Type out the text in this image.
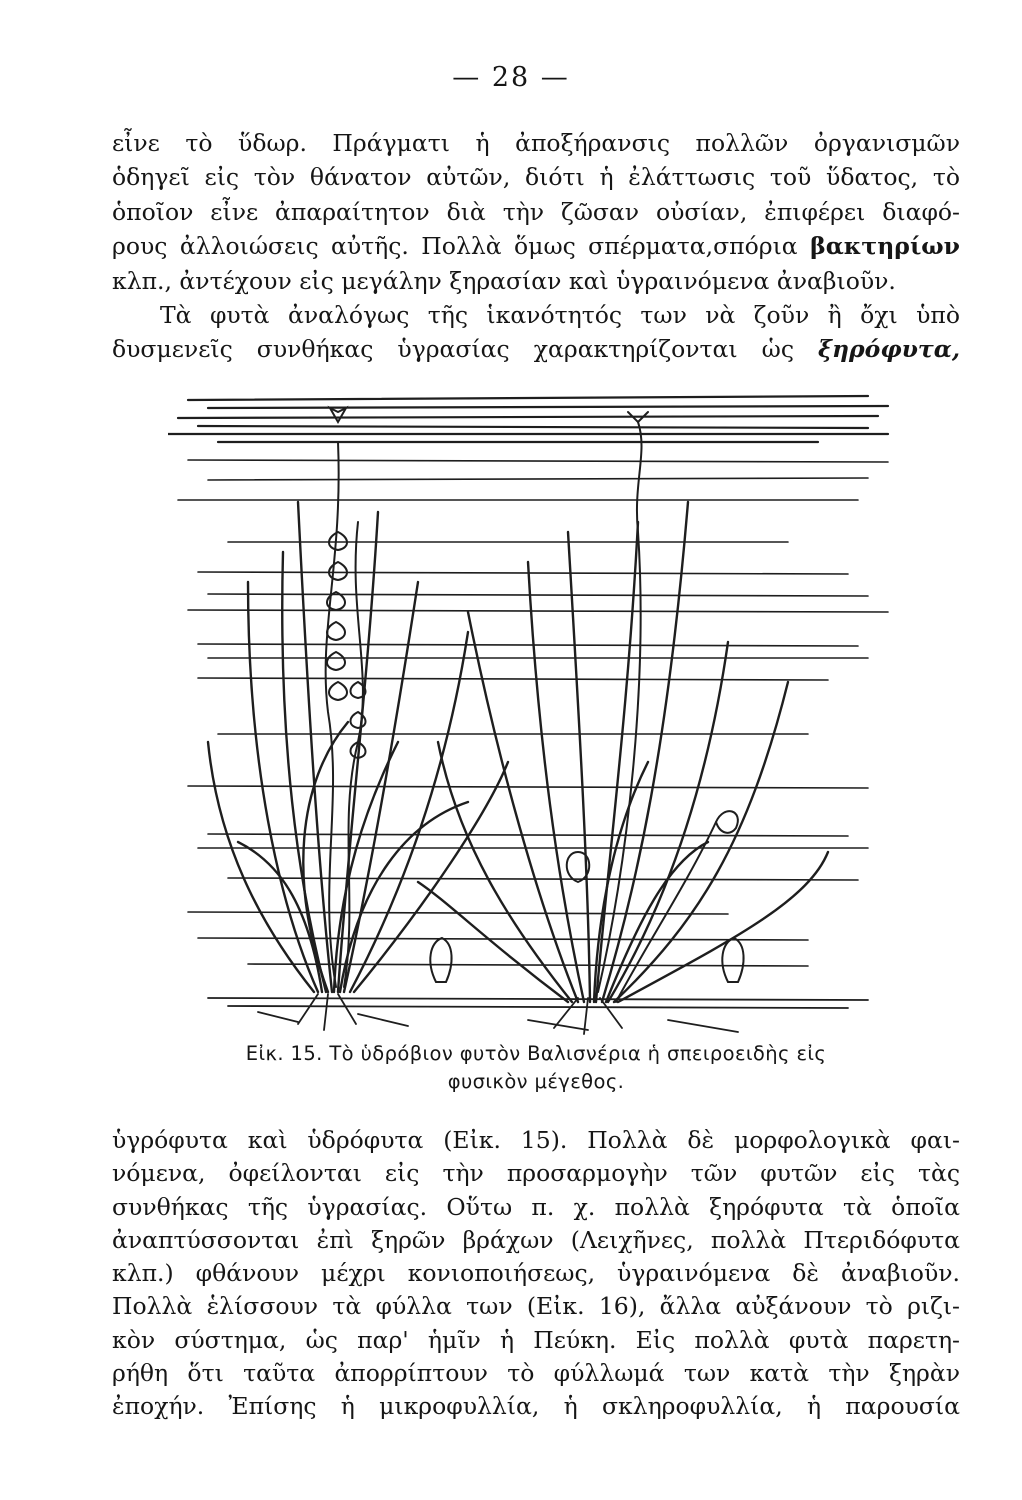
— 28 —
εἶνε τὸ ὕδωρ. Πράγματι ἡ ἀποξήρανσις πολλῶν ὀργανισμῶν
ὁδηγεῖ εἰς τὸν θάνατον αὐτῶν, διότι ἡ ἐλάττωσις τοῦ ὕδατος, τὸ
ὁποῖον εἶνε ἀπαραίτητον διὰ τὴν ζῶσαν οὐσίαν, ἐπιφέρει διαφό-
ρους ἀλλοιώσεις αὐτῆς. Πολλὰ ὅμως σπέρματα,σπόρια βακτηρίων
κλπ., ἀντέχουν εἰς μεγάλην ξηρασίαν καὶ ὑγραινόμενα ἀναβιοῦν.
Τὰ φυτὰ ἀναλόγως τῆς ἱκανότητός των νὰ ζοῦν ἢ ὄχι ὑπὸ
δυσμενεῖς συνθήκας ὑγρασίας χαρακτηρίζονται ὡς ξηρόφυτα,
Εἰκ. 15. Τὸ ὑδρόβιον φυτὸν Βαλισνέρια ἡ σπειροειδὴς εἰς
φυσικὸν μέγεθος.
ὑγρόφυτα καὶ ὑδρόφυτα (Εἰκ. 15). Πολλὰ δὲ μορφολογικὰ φαι-
νόμενα, ὀφείλονται εἰς τὴν προσαρμογὴν τῶν φυτῶν εἰς τὰς
συνθήκας τῆς ὑγρασίας. Οὕτω π. χ. πολλὰ ξηρόφυτα τὰ ὁποῖα
ἀναπτύσσονται ἐπὶ ξηρῶν βράχων (Λειχῆνες, πολλὰ Πτεριδόφυτα
κλπ.) φθάνουν μέχρι κονιοποιήσεως, ὑγραινόμενα δὲ ἀναβιοῦν.
Πολλὰ ἑλίσσουν τὰ φύλλα των (Εἰκ. 16), ἄλλα αὐξάνουν τὸ ριζι-
κὸν σύστημα, ὡς παρ' ἡμῖν ἡ Πεύκη. Εἰς πολλὰ φυτὰ παρετη-
ρήθη ὅτι ταῦτα ἀπορρίπτουν τὸ φύλλωμά των κατὰ τὴν ξηρὰν
ἐποχήν. Ἐπίσης ἡ μικροφυλλία, ἡ σκληροφυλλία, ἡ παρουσία
